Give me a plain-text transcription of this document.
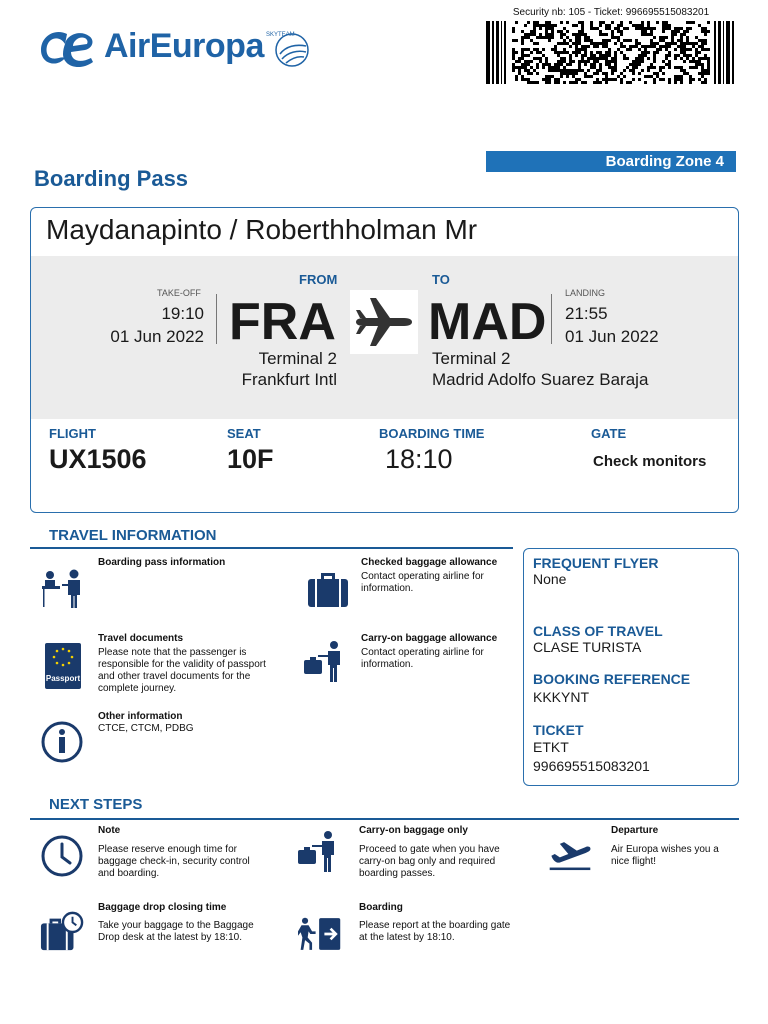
AirEuropa SKYTEAM
Security nb: 105 - Ticket: 996695515083201
Boarding Zone 4
Boarding Pass
Maydanapinto / Roberthholman Mr
FROM	TO
TAKE-OFF	LANDING
19:10
01 Jun 2022
21:55
01 Jun 2022
FRA MAD
Terminal 2
Frankfurt Intl
Terminal 2
Madrid Adolfo Suarez Baraja
FLIGHT	SEAT	BOARDING TIME	GATE
UX1506	10F	18:10	Check monitors
TRAVEL INFORMATION
Boarding pass information	Checked baggage allowance
Contact operating airline for information.
Passport
Travel documents
Please note that the passenger is responsible for the validity of passport and other travel documents for the complete journey.
Carry-on baggage allowance
Contact operating airline for information.
Other information
CTCE, CTCM, PDBG
FREQUENT FLYER
None
CLASS OF TRAVEL
CLASE TURISTA
BOOKING REFERENCE
KKKYNT
TICKET
ETKT
996695515083201
NEXT STEPS
Note
Please reserve enough time for baggage check-in, security control and boarding.
Carry-on baggage only
Proceed to gate when you have carry-on bag only and required boarding passes.
Departure
Air Europa wishes you a nice flight!
Baggage drop closing time
Take your baggage to the Baggage Drop desk at the latest by 18:10.
Boarding
Please report at the boarding gate at the latest by 18:10.
